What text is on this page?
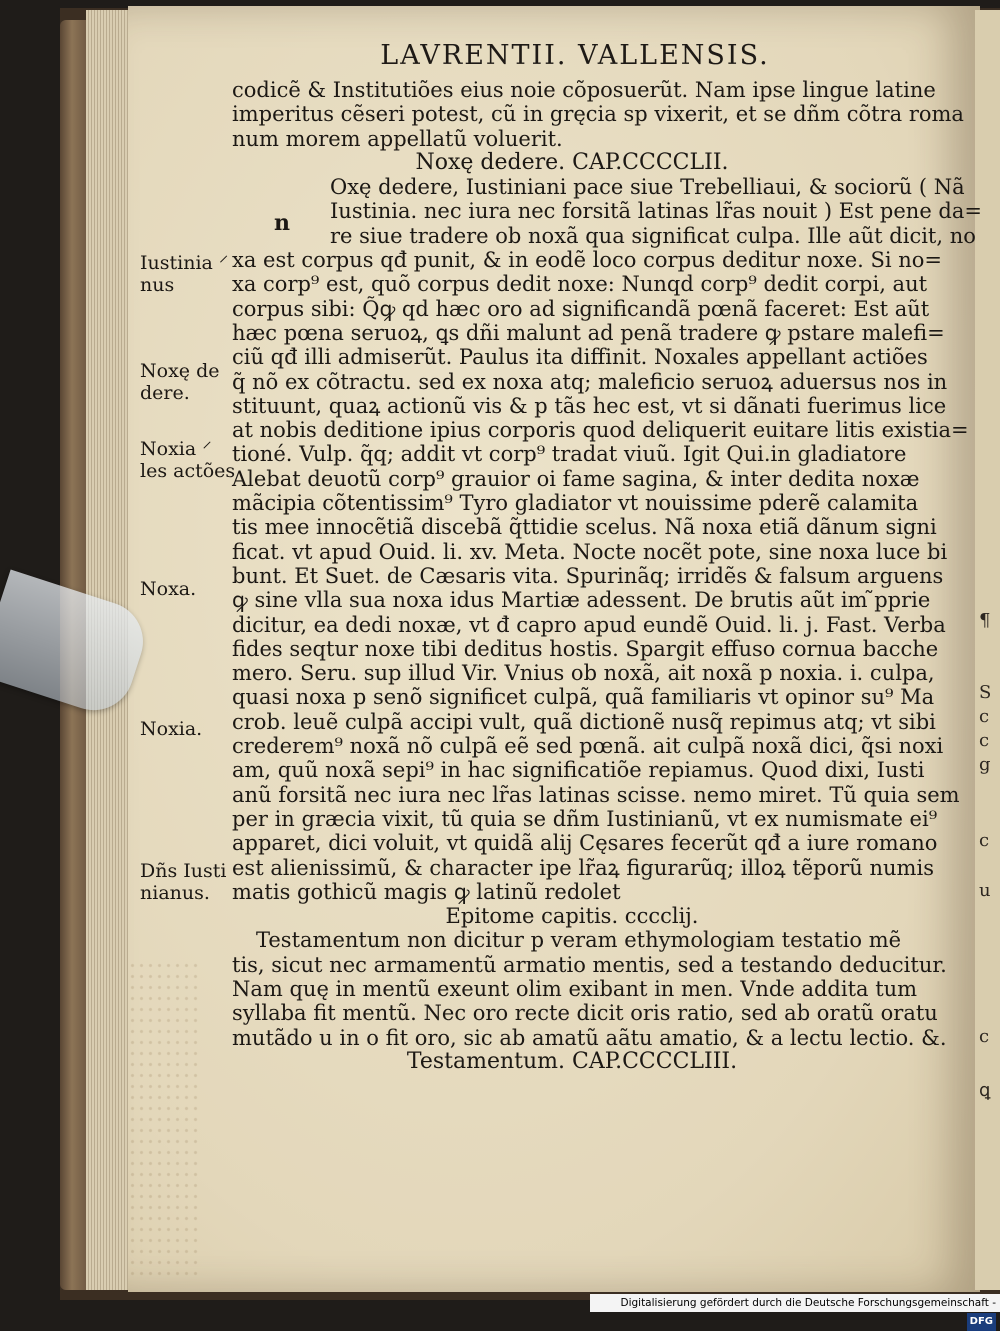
¶
S
c
c
g
c
u
c
ꝗ
LAVRENTII. VALLENSIS.
n
codicẽ & Institutiões eius noie cõposuerũt. Nam ipse lingue latine
imperitus cẽseri potest, cũ in gręcia sp vixerit, et se dñm cõtra roma
num morem appellatũ voluerit.
Noxę dedere. CAP.CCCCLII.
Oxę dedere, Iustiniani pace siue Trebelliaui, & sociorũ ( Nã
Iustinia. nec iura nec forsitã latinas lr̃as nouit ) Est pene da=
re siue tradere ob noxã qua significat culpa. Ille aũt dicit, no
xa est corpus qđ punit, & in eodẽ loco corpus deditur noxe. Si no=
xa corp⁹ est, quõ corpus dedit noxe: Nunqd corp⁹ dedit corpi, aut
corpus sibi: Q̃ꝙ qd hæc oro ad significandã pœnã faceret: Est aũt
hæc pœna seruoꝝ, ꝗs dñi malunt ad penã tradere ꝙ pstare malefi=
ciũ qđ illi admiserũt. Paulus ita diffinit. Noxales appellant actiões
q̃ nõ ex cõtractu. sed ex noxa atq; maleficio seruoꝝ aduersus nos in
stituunt, quaꝝ actionũ vis & p tãs hec est, vt si dãnati fuerimus lice
at nobis deditione ipius corporis quod deliquerit euitare litis existia=
tioné. Vulp. q̃q; addit vt corp⁹ tradat viuũ. Igit Qui.in gladiatore
Alebat deuotũ corp⁹ grauior oi fame sagina, & inter dedita noxæ
mãcipia cõtentissim⁹ Tyro gladiator vt nouissime pderẽ calamita
tis mee innocẽtiã discebã q̃ttidie scelus. Nã noxa etiã dãnum signi
ficat. vt apud Ouid. li. xv. Meta. Nocte nocẽt pote, sine noxa luce bi
bunt. Et Suet. de Cæsaris vita. Spurinãq; irridẽs & falsum arguens
ꝙ sine vlla sua noxa idus Martiæ adessent. De brutis aũt im ̃pprie
dicitur, ea dedi noxæ, vt đ capro apud eundẽ Ouid. li. j. Fast. Verba
fides seqtur noxe tibi deditus hostis. Spargit effuso cornua bacche
mero. Seru. sup illud Vir. Vnius ob noxã, ait noxã p noxia. i. culpa,
quasi noxa p senõ significet culpã, quã familiaris vt opinor su⁹ Ma
crob. leuẽ culpã accipi vult, quã dictionẽ nusq̃ repimus atq; vt sibi
crederem⁹ noxã nõ culpã eẽ sed pœnã. ait culpã noxã dici, q̃si noxi
am, quũ noxã sepi⁹ in hac significatiõe repiamus. Quod dixi, Iusti
anũ forsitã nec iura nec lr̃as latinas scisse. nemo miret. Tũ quia sem
per in græcia vixit, tũ quia se dñm Iustinianũ, vt ex numismate ei⁹
apparet, dici voluit, vt quidã alij Cęsares fecerũt qđ a iure romano
est alienissimũ, & character ipe lr̃aꝝ figurarũq; illoꝝ tẽporũ numis
matis gothicũ magis ꝙ latinũ redolet
Epitome capitis. cccclij.
Testamentum non dicitur p veram ethymologiam testatio mẽ
tis, sicut nec armamentũ armatio mentis, sed a testando deducitur.
Nam quę in mentũ exeunt olim exibant in men. Vnde addita tum
syllaba fit mentũ. Nec oro recte dicit oris ratio, sed ab oratũ oratu
mutãdo u in o fit oro, sic ab amatũ aãtu amatio, & a lectu lectio. &.
Testamentum. CAP.CCCCLIII.
Iustinia ⸍
nus
Noxę de
dere.
Noxia ⸍
les actões
Noxa.
Noxia.
Dñs Iusti
nianus.
Digitalisierung gefördert durch die Deutsche Forschungsgemeinschaft -DFG
